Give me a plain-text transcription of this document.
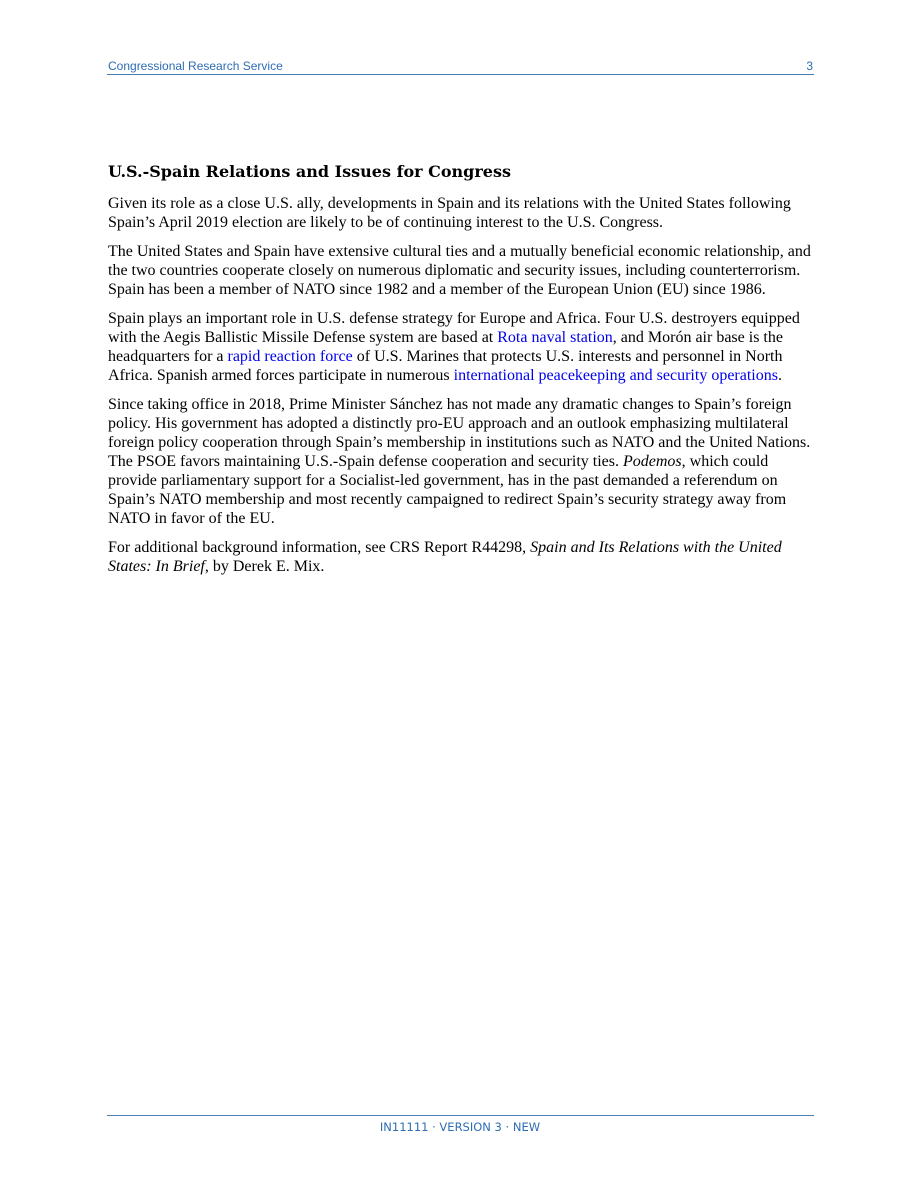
Congressional Research Service	3
U.S.-Spain Relations and Issues for Congress

Given its role as a close U.S. ally, developments in Spain and its relations with the United States following Spain’s April 2019 election are likely to be of continuing interest to the U.S. Congress.

The United States and Spain have extensive cultural ties and a mutually beneficial economic relationship, and the two countries cooperate closely on numerous diplomatic and security issues, including counterterrorism. Spain has been a member of NATO since 1982 and a member of the European Union (EU) since 1986.

Spain plays an important role in U.S. defense strategy for Europe and Africa. Four U.S. destroyers equipped with the Aegis Ballistic Missile Defense system are based at Rota naval station, and Morón air base is the headquarters for a rapid reaction force of U.S. Marines that protects U.S. interests and personnel in North Africa. Spanish armed forces participate in numerous international peacekeeping and security operations.

Since taking office in 2018, Prime Minister Sánchez has not made any dramatic changes to Spain’s foreign policy. His government has adopted a distinctly pro-EU approach and an outlook emphasizing multilateral foreign policy cooperation through Spain’s membership in institutions such as NATO and the United Nations. The PSOE favors maintaining U.S.-Spain defense cooperation and security ties. Podemos, which could provide parliamentary support for a Socialist-led government, has in the past demanded a referendum on Spain’s NATO membership and most recently campaigned to redirect Spain’s security strategy away from NATO in favor of the EU.

For additional background information, see CRS Report R44298, Spain and Its Relations with the United States: In Brief, by Derek E. Mix.

IN11111 · VERSION 3 · NEW
